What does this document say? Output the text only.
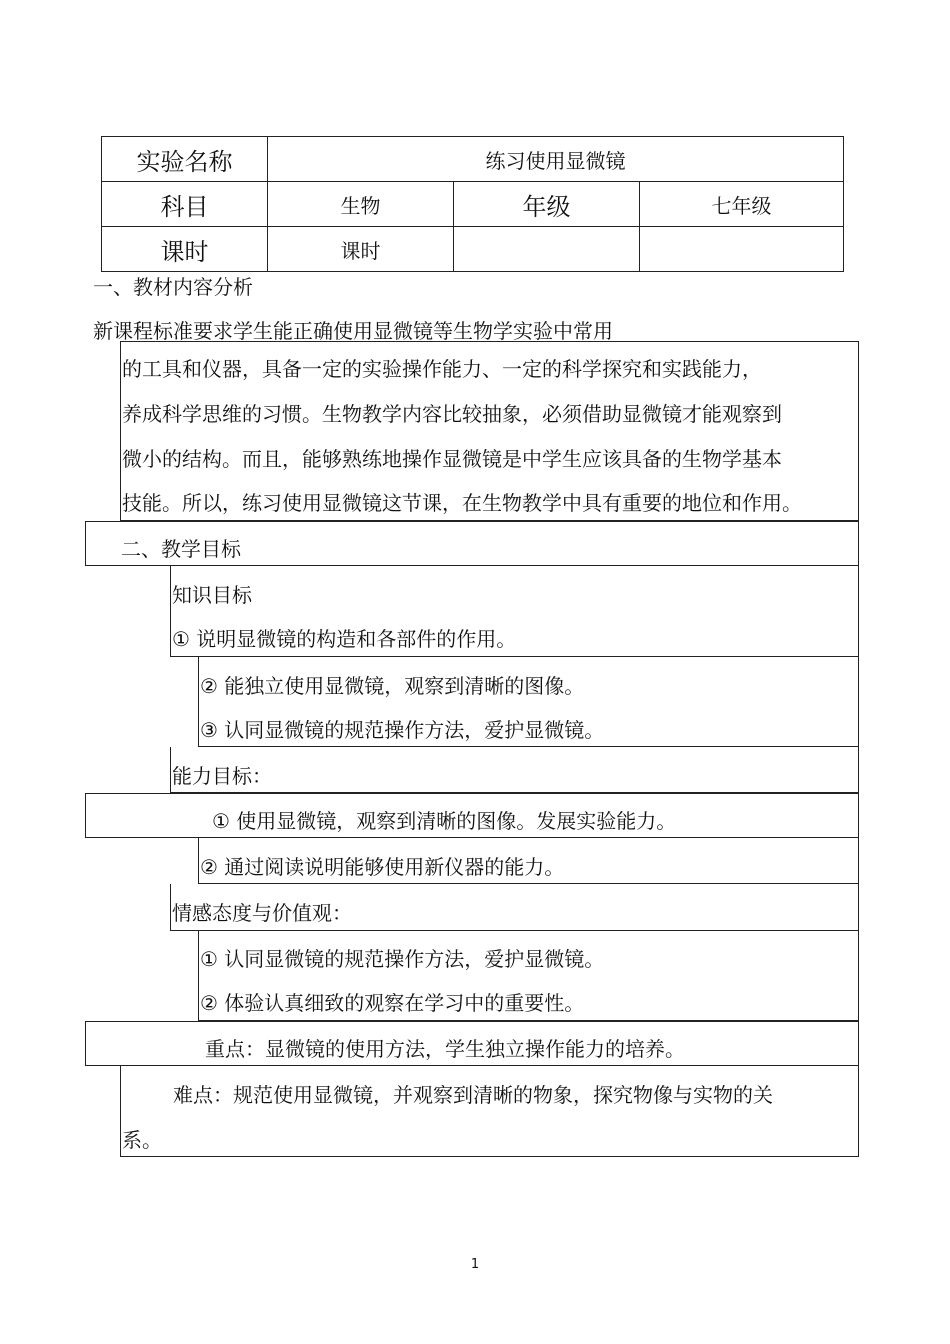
实验名称	练习使用显微镜		
科目	生物	年级	七年级
课时	课时		
一、教材内容分析
新课程标准要求学生能正确使用显微镜等生物学实验中常用
的工具和仪器，具备一定的实验操作能力、一定的科学探究和实践能力，
养成科学思维的习惯。生物教学内容比较抽象，必须借助显微镜才能观察到
微小的结构。而且，能够熟练地操作显微镜是中学生应该具备的生物学基本
技能。所以，练习使用显微镜这节课，在生物教学中具有重要的地位和作用。
二、教学目标
知识目标
① 说明显微镜的构造和各部件的作用。
② 能独立使用显微镜，观察到清晰的图像。
③ 认同显微镜的规范操作方法，爱护显微镜。
能力目标：
① 使用显微镜，观察到清晰的图像。发展实验能力。
② 通过阅读说明能够使用新仪器的能力。
情感态度与价值观：
① 认同显微镜的规范操作方法，爱护显微镜。
② 体验认真细致的观察在学习中的重要性。
重点：显微镜的使用方法，学生独立操作能力的培养。
难点：规范使用显微镜，并观察到清晰的物象，探究物像与实物的关
系。
1
